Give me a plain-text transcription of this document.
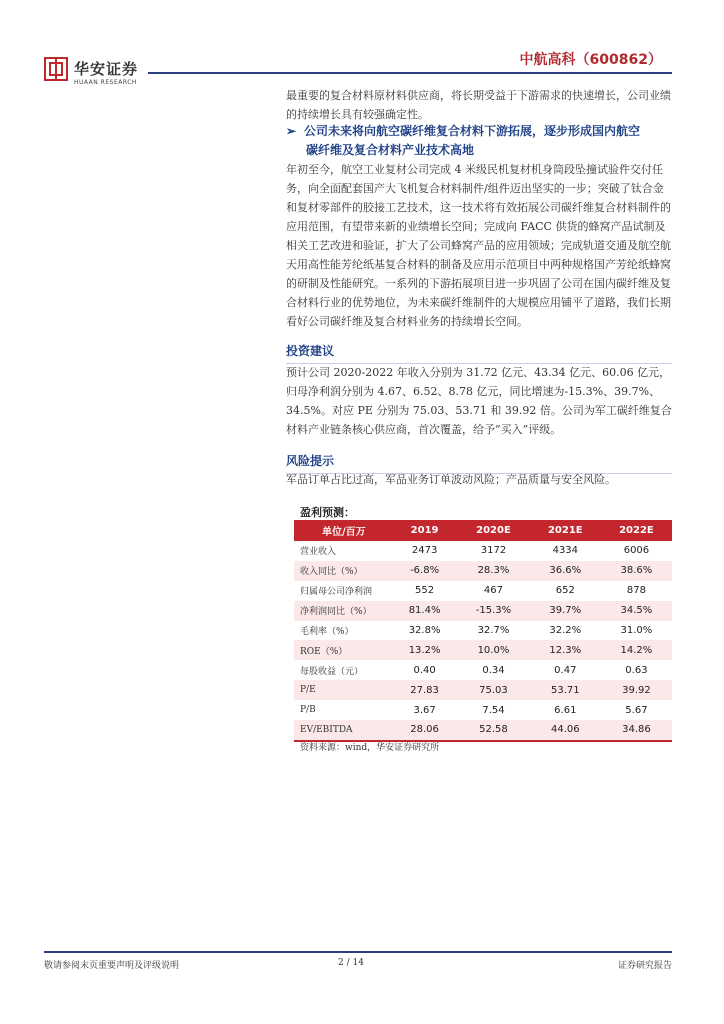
华安证券
HUAAN RESEARCH
中航高科（600862）
最重要的复合材料原材料供应商，将长期受益于下游需求的快速增长，公司业绩的持续增长具有较强确定性。
➢ 公司未来将向航空碳纤维复合材料下游拓展，逐步形成国内航空
碳纤维及复合材料产业技术高地
年初至今，航空工业复材公司完成 4 米级民机复材机身筒段坠撞试验件交付任务，向全面配套国产大飞机复合材料制件/组件迈出坚实的一步；突破了钛合金和复材零部件的胶接工艺技术，这一技术将有效拓展公司碳纤维复合材料制件的应用范围，有望带来新的业绩增长空间；完成向 FACC 供货的蜂窝产品试制及相关工艺改进和验证，扩大了公司蜂窝产品的应用领域；完成轨道交通及航空航天用高性能芳纶纸基复合材料的制备及应用示范项目中两种规格国产芳纶纸蜂窝的研制及性能研究。一系列的下游拓展项目进一步巩固了公司在国内碳纤维及复合材料行业的优势地位，为未来碳纤维制件的大规模应用铺平了道路，我们长期看好公司碳纤维及复合材料业务的持续增长空间。
投资建议
预计公司 2020-2022 年收入分别为 31.72 亿元、43.34 亿元、60.06 亿元，归母净利润分别为 4.67、6.52、8.78 亿元，同比增速为-15.3%、39.7%、34.5%。对应 PE 分别为 75.03、53.71 和 39.92 倍。公司为军工碳纤维复合材料产业链条核心供应商，首次覆盖，给予“买入”评级。
风险提示
军品订单占比过高，军品业务订单波动风险；产品质量与安全风险。
盈利预测：
单位/百万	2019	2020E	2021E	2022E
营业收入	2473	3172	4334	6006
收入同比（%）	-6.8%	28.3%	36.6%	38.6%
归属母公司净利润	552	467	652	878
净利润同比（%）	81.4%	-15.3%	39.7%	34.5%
毛利率（%）	32.8%	32.7%	32.2%	31.0%
ROE（%）	13.2%	10.0%	12.3%	14.2%
每股收益（元）	0.40	0.34	0.47	0.63
P/E	27.83	75.03	53.71	39.92
P/B	3.67	7.54	6.61	5.67
EV/EBITDA	28.06	52.58	44.06	34.86
资料来源：wind，华安证券研究所
敬请参阅末页重要声明及评级说明	2 / 14	证券研究报告
